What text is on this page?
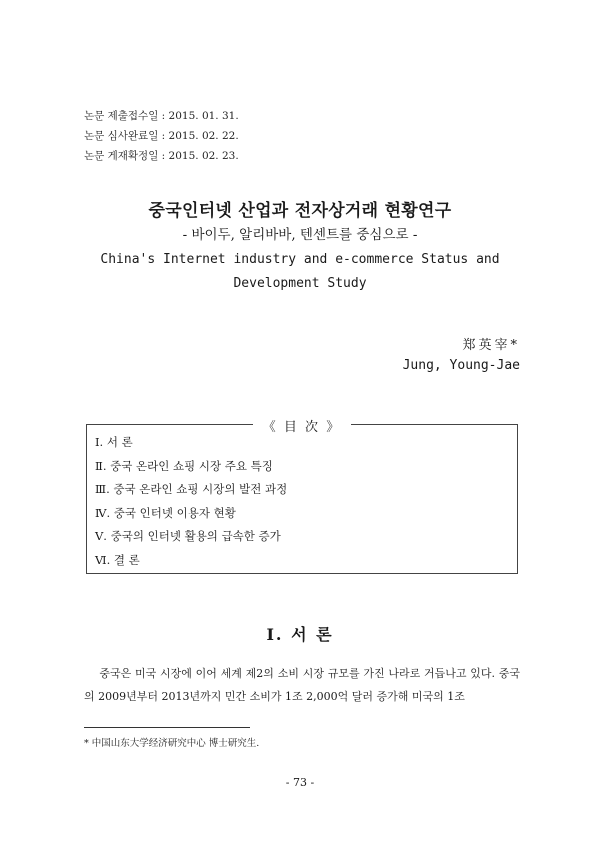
논문 제출접수일 : 2015. 01. 31.
논문 심사완료일 : 2015. 02. 22.
논문 게재확정일 : 2015. 02. 23.
중국인터넷 산업과 전자상거래 현황연구
- 바이두, 알리바바, 텐센트를 중심으로 -
China's Internet industry and e-commerce Status and
Development Study
郑英宰*
Jung, Young-Jae
《 目 次 》
Ⅰ. 서 론
Ⅱ. 중국 온라인 쇼핑 시장 주요 특징
Ⅲ. 중국 온라인 쇼핑 시장의 발전 과정
Ⅳ. 중국 인터넷 이용자 현황
Ⅴ. 중국의 인터넷 활용의 급속한 증가
Ⅵ. 결 론
Ⅰ. 서 론

중국은 미국 시장에 이어 세계 제2의 소비 시장 규모를 가진 나라로 거듭나고 있다. 중국의 2009년부터 2013년까지 민간 소비가 1조 2,000억 달러 증가해 미국의 1조

* 中国山东大学经济研究中心 博士研究生.
- 73 -
